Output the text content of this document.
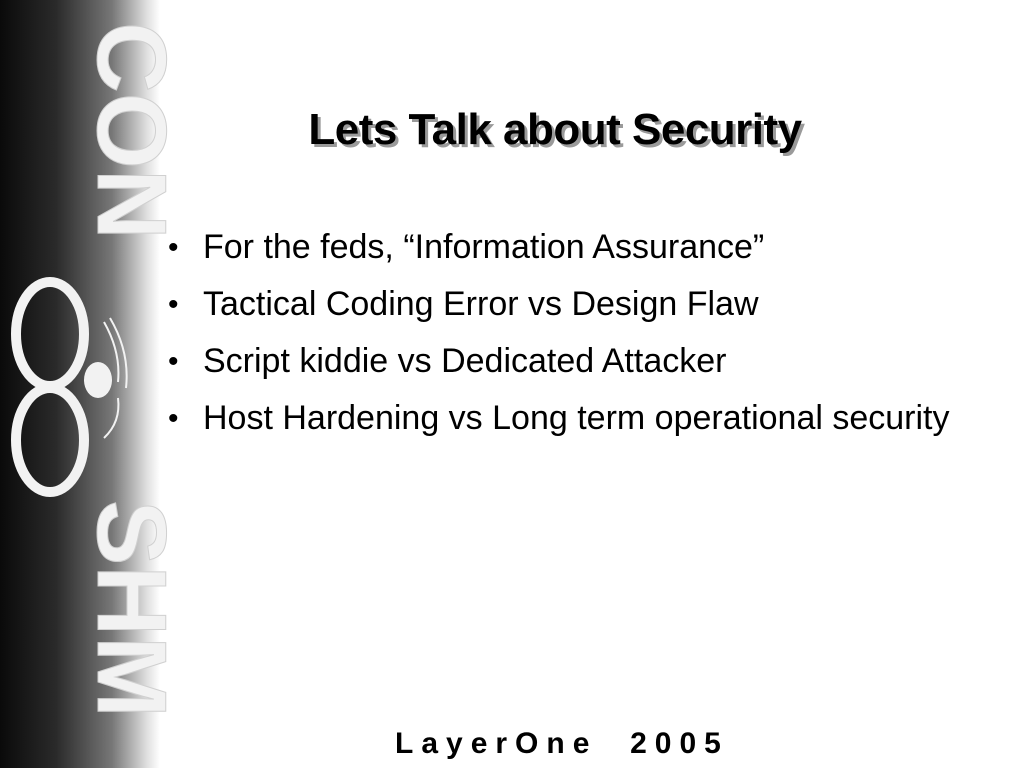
CON
SHM
Lets Talk about Security
• For the feds, “Information Assurance”
• Tactical Coding Error vs Design Flaw
• Script kiddie vs Dedicated Attacker
• Host Hardening vs Long term operational security
LayerOne  2005
